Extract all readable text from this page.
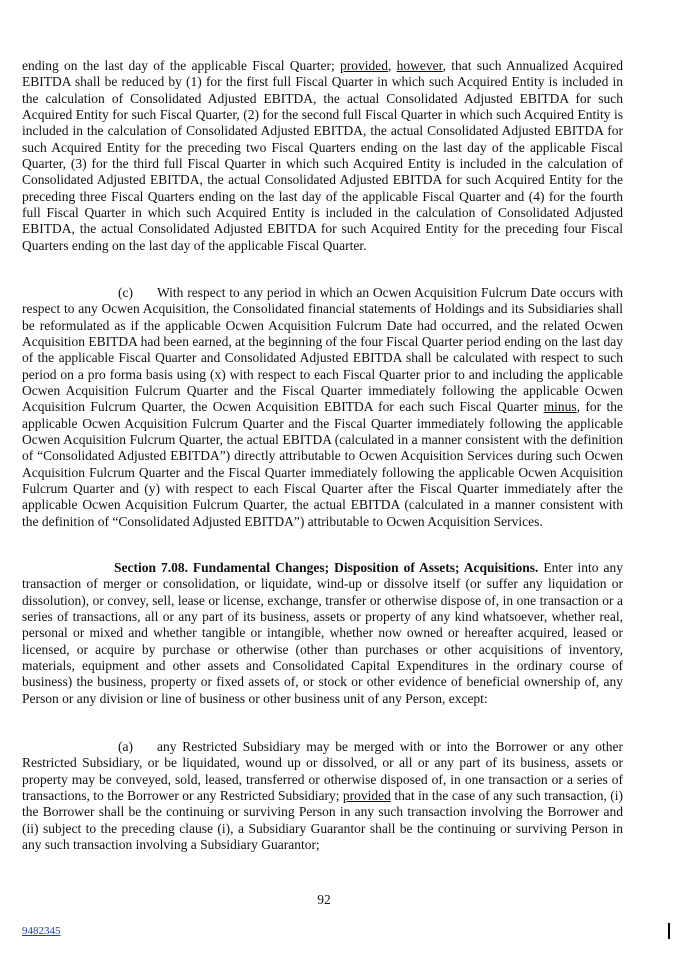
ending on the last day of the applicable Fiscal Quarter; provided, however, that such Annualized Acquired EBITDA shall be reduced by (1) for the first full Fiscal Quarter in which such Acquired Entity is included in the calculation of Consolidated Adjusted EBITDA, the actual Consolidated Adjusted EBITDA for such Acquired Entity for such Fiscal Quarter, (2) for the second full Fiscal Quarter in which such Acquired Entity is included in the calculation of Consolidated Adjusted EBITDA, the actual Consolidated Adjusted EBITDA for such Acquired Entity for the preceding two Fiscal Quarters ending on the last day of the applicable Fiscal Quarter, (3) for the third full Fiscal Quarter in which such Acquired Entity is included in the calculation of Consolidated Adjusted EBITDA, the actual Consolidated Adjusted EBITDA for such Acquired Entity for the preceding three Fiscal Quarters ending on the last day of the applicable Fiscal Quarter and (4) for the fourth full Fiscal Quarter in which such Acquired Entity is included in the calculation of Consolidated Adjusted EBITDA, the actual Consolidated Adjusted EBITDA for such Acquired Entity for the preceding four Fiscal Quarters ending on the last day of the applicable Fiscal Quarter.

(c) With respect to any period in which an Ocwen Acquisition Fulcrum Date occurs with respect to any Ocwen Acquisition, the Consolidated financial statements of Holdings and its Subsidiaries shall be reformulated as if the applicable Ocwen Acquisition Fulcrum Date had occurred, and the related Ocwen Acquisition EBITDA had been earned, at the beginning of the four Fiscal Quarter period ending on the last day of the applicable Fiscal Quarter and Consolidated Adjusted EBITDA shall be calculated with respect to such period on a pro forma basis using (x) with respect to each Fiscal Quarter prior to and including the applicable Ocwen Acquisition Fulcrum Quarter and the Fiscal Quarter immediately following the applicable Ocwen Acquisition Fulcrum Quarter, the Ocwen Acquisition EBITDA for each such Fiscal Quarter minus, for the applicable Ocwen Acquisition Fulcrum Quarter and the Fiscal Quarter immediately following the applicable Ocwen Acquisition Fulcrum Quarter, the actual EBITDA (calculated in a manner consistent with the definition of “Consolidated Adjusted EBITDA”) directly attributable to Ocwen Acquisition Services during such Ocwen Acquisition Fulcrum Quarter and the Fiscal Quarter immediately following the applicable Ocwen Acquisition Fulcrum Quarter and (y) with respect to each Fiscal Quarter after the Fiscal Quarter immediately after the applicable Ocwen Acquisition Fulcrum Quarter, the actual EBITDA (calculated in a manner consistent with the definition of “Consolidated Adjusted EBITDA”) attributable to Ocwen Acquisition Services.

Section 7.08. Fundamental Changes; Disposition of Assets; Acquisitions. Enter into any transaction of merger or consolidation, or liquidate, wind-up or dissolve itself (or suffer any liquidation or dissolution), or convey, sell, lease or license, exchange, transfer or otherwise dispose of, in one transaction or a series of transactions, all or any part of its business, assets or property of any kind whatsoever, whether real, personal or mixed and whether tangible or intangible, whether now owned or hereafter acquired, leased or licensed, or acquire by purchase or otherwise (other than purchases or other acquisitions of inventory, materials, equipment and other assets and Consolidated Capital Expenditures in the ordinary course of business) the business, property or fixed assets of, or stock or other evidence of beneficial ownership of, any Person or any division or line of business or other business unit of any Person, except:

(a) any Restricted Subsidiary may be merged with or into the Borrower or any other Restricted Subsidiary, or be liquidated, wound up or dissolved, or all or any part of its business, assets or property may be conveyed, sold, leased, transferred or otherwise disposed of, in one transaction or a series of transactions, to the Borrower or any Restricted Subsidiary; provided that in the case of any such transaction, (i) the Borrower shall be the continuing or surviving Person in any such transaction involving the Borrower and (ii) subject to the preceding clause (i), a Subsidiary Guarantor shall be the continuing or surviving Person in any such transaction involving a Subsidiary Guarantor;

92
9482345
